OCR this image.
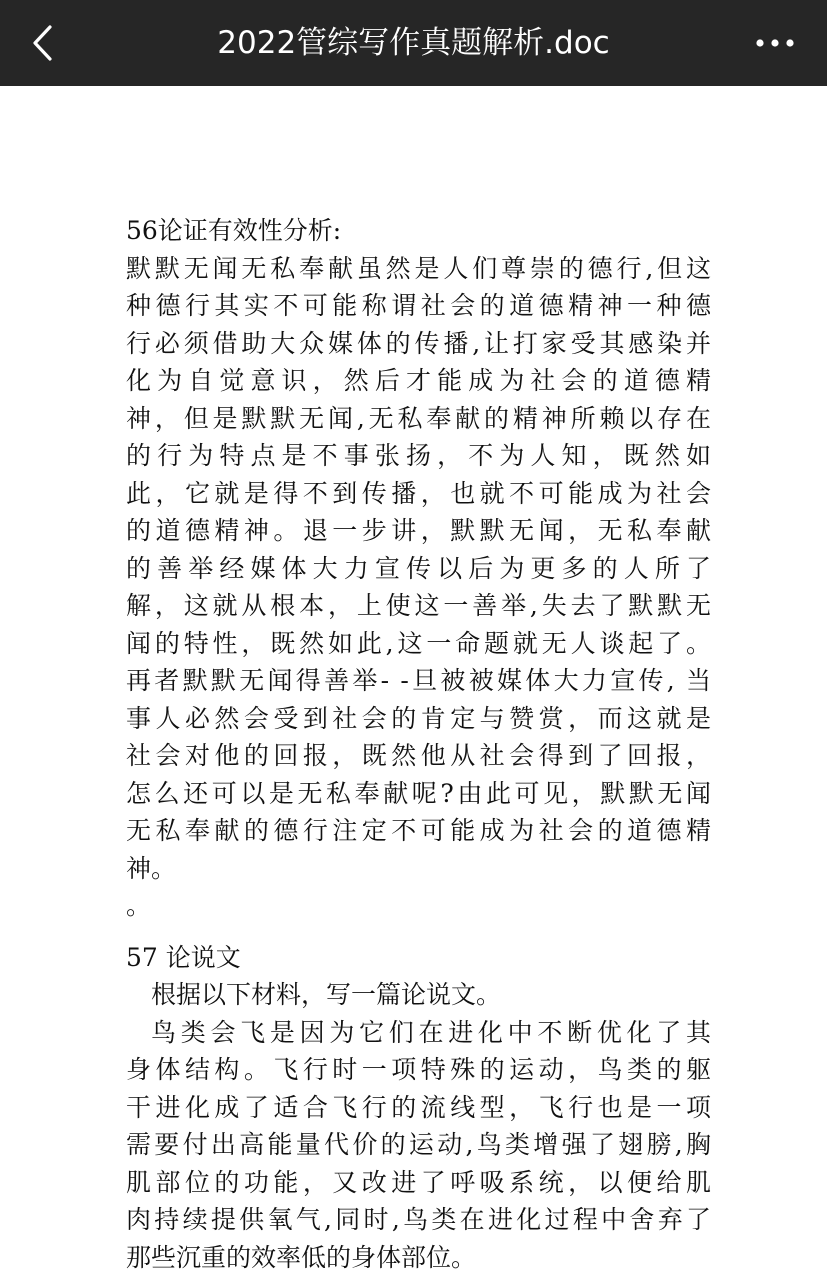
2022管综写作真题解析.doc
56论证有效性分析:
默默无闻无私奉献虽然是人们尊崇的德行,但这
种德行其实不可能称谓社会的道德精神一种德
行必须借助大众媒体的传播,让打家受其感染并
化为自觉意识，然后才能成为社会的道德精
神，但是默默无闻,无私奉献的精神所赖以存在
的行为特点是不事张扬，不为人知，既然如
此，它就是得不到传播，也就不可能成为社会
的道德精神。退一步讲，默默无闻，无私奉献
的善举经媒体大力宣传以后为更多的人所了
解，这就从根本，上使这一善举,失去了默默无
闻的特性，既然如此,这一命题就无人谈起了。
再者默默无闻得善举- -旦被被媒体大力宣传, 当
事人必然会受到社会的肯定与赞赏，而这就是
社会对他的回报，既然他从社会得到了回报，
怎么还可以是无私奉献呢?由此可见，默默无闻
无私奉献的德行注定不可能成为社会的道德精
神。
。
57 论说文
根据以下材料，写一篇论说文。
鸟类会飞是因为它们在进化中不断优化了其
身体结构。飞行时一项特殊的运动，鸟类的躯
干进化成了适合飞行的流线型，飞行也是一项
需要付出高能量代价的运动,鸟类增强了翅膀,胸
肌部位的功能，又改进了呼吸系统，以便给肌
肉持续提供氧气,同时,鸟类在进化过程中舍弃了
那些沉重的效率低的身体部位。
